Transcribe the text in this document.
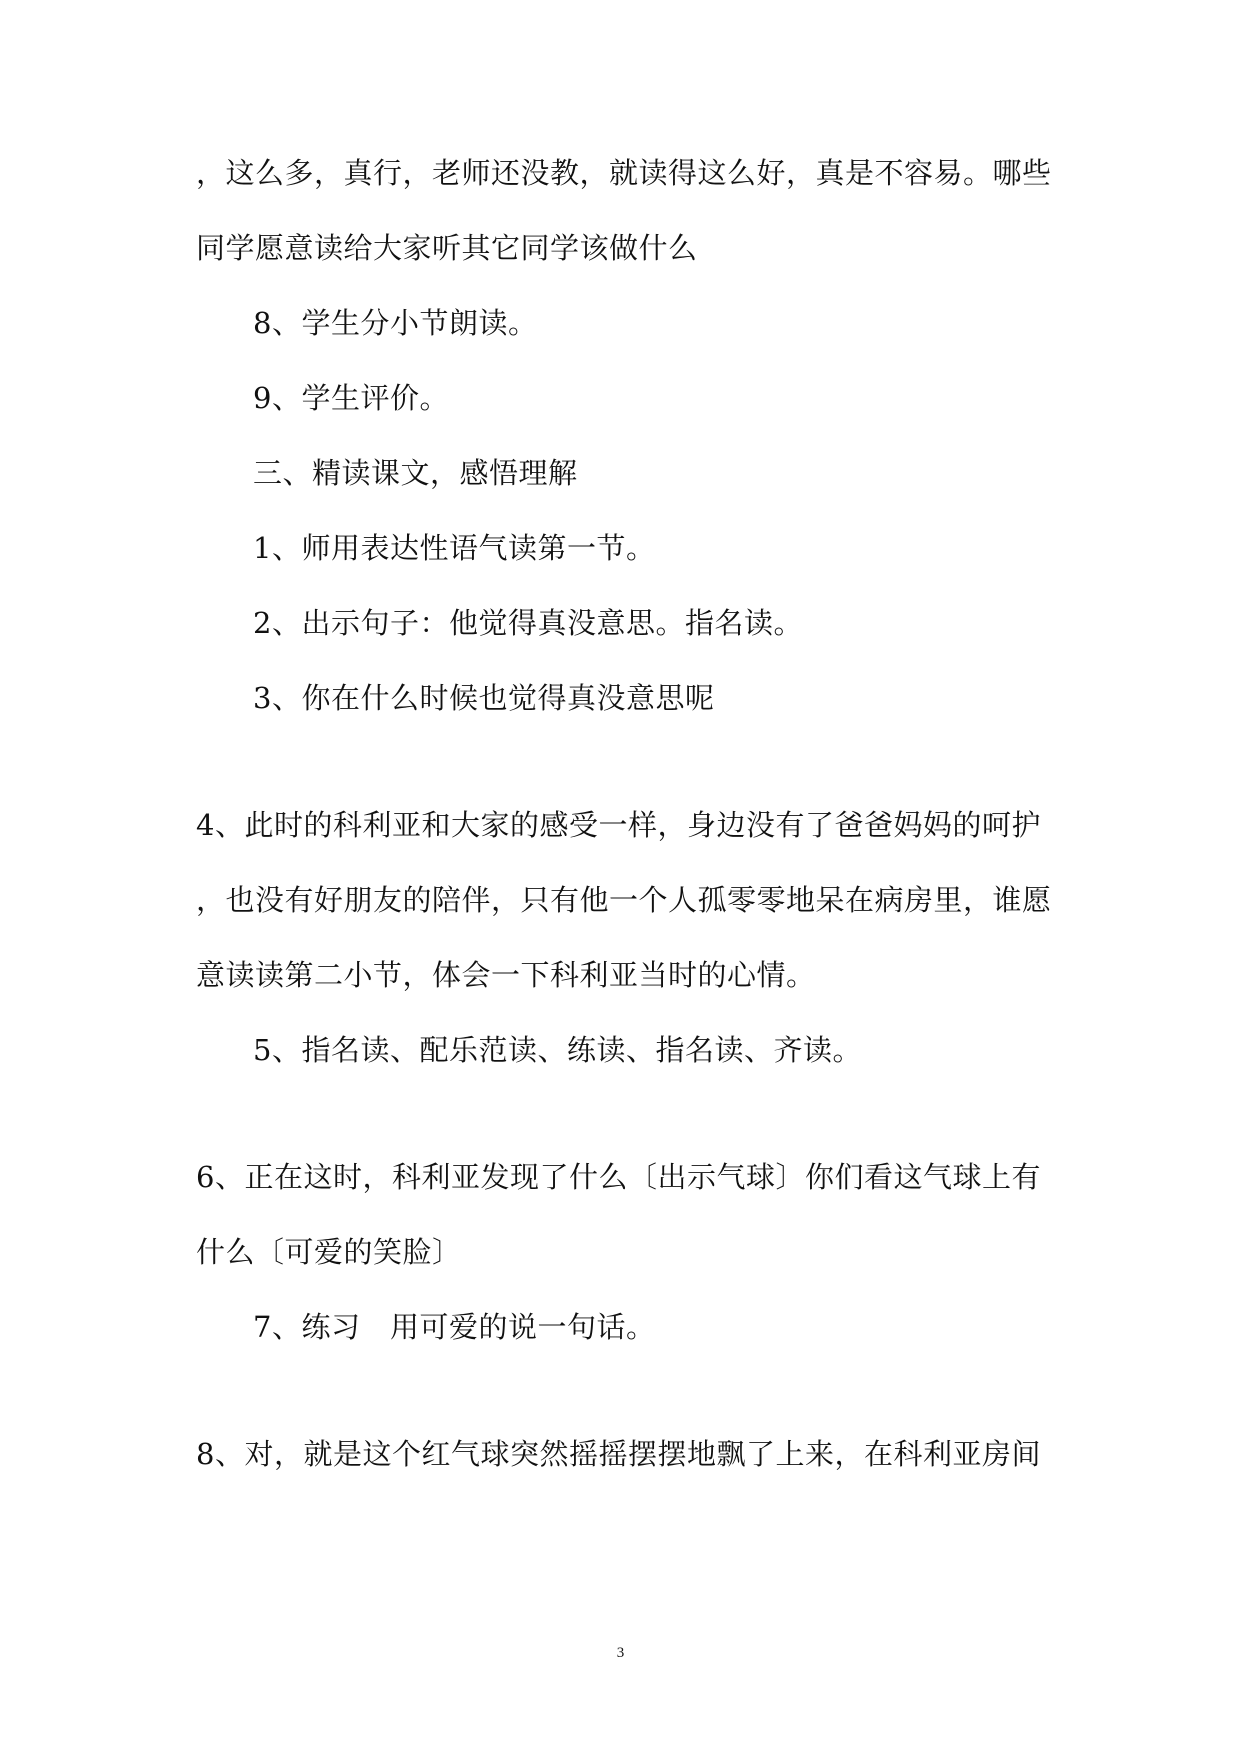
，这么多，真行，老师还没教，就读得这么好，真是不容易。哪些
同学愿意读给大家听其它同学该做什么
8、学生分小节朗读。
9、学生评价。
三、精读课文，感悟理解
1、师用表达性语气读第一节。
2、出示句子：他觉得真没意思。指名读。
3、你在什么时候也觉得真没意思呢
4、此时的科利亚和大家的感受一样，身边没有了爸爸妈妈的呵护
，也没有好朋友的陪伴，只有他一个人孤零零地呆在病房里，谁愿
意读读第二小节，体会一下科利亚当时的心情。
5、指名读、配乐范读、练读、指名读、齐读。
6、正在这时，科利亚发现了什么〔出示气球〕你们看这气球上有
什么〔可爱的笑脸〕
7、练习　用可爱的说一句话。
8、对，就是这个红气球突然摇摇摆摆地飘了上来，在科利亚房间
3
